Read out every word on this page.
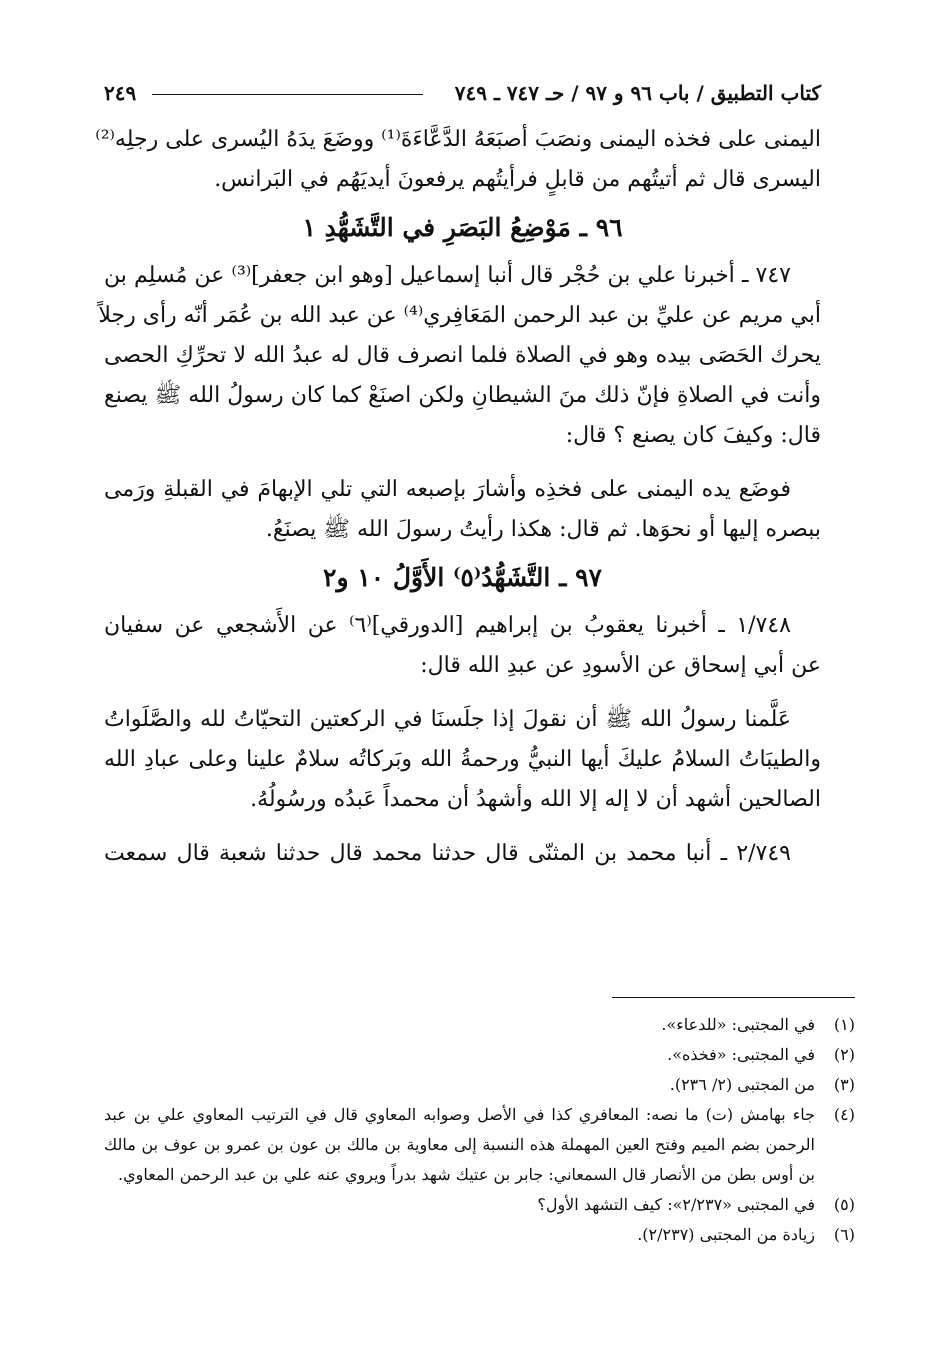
كتاب التطبيق / باب ٩٦ و ٩٧ / حـ ٧٤٧ ـ ٧٤٩
٢٤٩
اليمنى على فخذه اليمنى ونصَبَ أصبَعَهُ الدَّعَّاءَةَ⁽¹⁾ ووضَعَ يدَهُ اليُسرى على رجلِه⁽²⁾
اليسرى قال ثم أتيتُهم من قابلٍ فرأيتُهم يرفعونَ أيديَهُم في البَرانس.
٩٦ ـ مَوْضِعُ البَصَرِ في التَّشَهُّدِ ١
٧٤٧ ـ أخبرنا علي بن حُجْر قال أنبا إسماعيل [وهو ابن جعفر]⁽³⁾ عن مُسلِم بن
أبي مريم عن عليِّ بن عبد الرحمن المَعَافِري⁽⁴⁾ عن عبد الله بن عُمَر أنّه رأى رجلاً
يحرك الحَصَى بيده وهو في الصلاة فلما انصرف قال له عبدُ الله لا تحرِّكِ الحصى
وأنت في الصلاةِ فإنّ ذلك منَ الشيطانِ ولكن اصنَعْ كما كان رسولُ الله ﷺ يصنع
قال: وكيفَ كان يصنع ؟ قال:
فوضَع يده اليمنى على فخذِه وأشارَ بإصبعه التي تلي الإبهامَ في القبلةِ ورَمى
ببصره إليها أو نحوَها. ثم قال: هكذا رأيتُ رسولَ الله ﷺ يصنَعُ.
٩٧ ـ التَّشَهُّدُ⁽٥⁾ الأَوَّلُ ١٠ و٢
١/٧٤٨ ـ أخبرنا يعقوبُ بن إبراهيم [الدورقي]⁽٦⁾ عن الأَشجعي عن سفيان
عن أبي إسحاق عن الأسودِ عن عبدِ الله قال:
عَلَّمنا رسولُ الله ﷺ أن نقولَ إذا جلَسنَا في الركعتين التحيّاتُ لله والصَّلَواتُ
والطيبَاتُ السلامُ عليكَ أيها النبيُّ ورحمةُ الله وبَركاتُه سلامٌ علينا وعلى عبادِ الله
الصالحين أشهد أن لا إله إلا الله وأشهدُ أن محمداً عَبدُه ورسُولُهُ.
٢/٧٤٩ ـ أنبا محمد بن المثنّى قال حدثنا محمد قال حدثنا شعبة قال سمعت
(١)
في المجتبى: «للدعاء».
(٢)
في المجتبى: «فخذه».
(٣)
من المجتبى (٢/ ٢٣٦).
(٤)
جاء بهامش (ت) ما نصه: المعافري كذا في الأصل وصوابه المعاوي قال في الترتيب المعاوي علي بن عبد الرحمن بضم الميم وفتح العين المهملة هذه النسبة إلى معاوية بن مالك بن عون بن عمرو بن عوف بن مالك بن أوس بطن من الأنصار قال السمعاني: جابر بن عتيك شهد بدراً ويروي عنه علي بن عبد الرحمن المعاوي.
(٥)
في المجتبى «٢/٢٣٧»: كيف التشهد الأول؟
(٦)
زيادة من المجتبى (٢/٢٣٧).
